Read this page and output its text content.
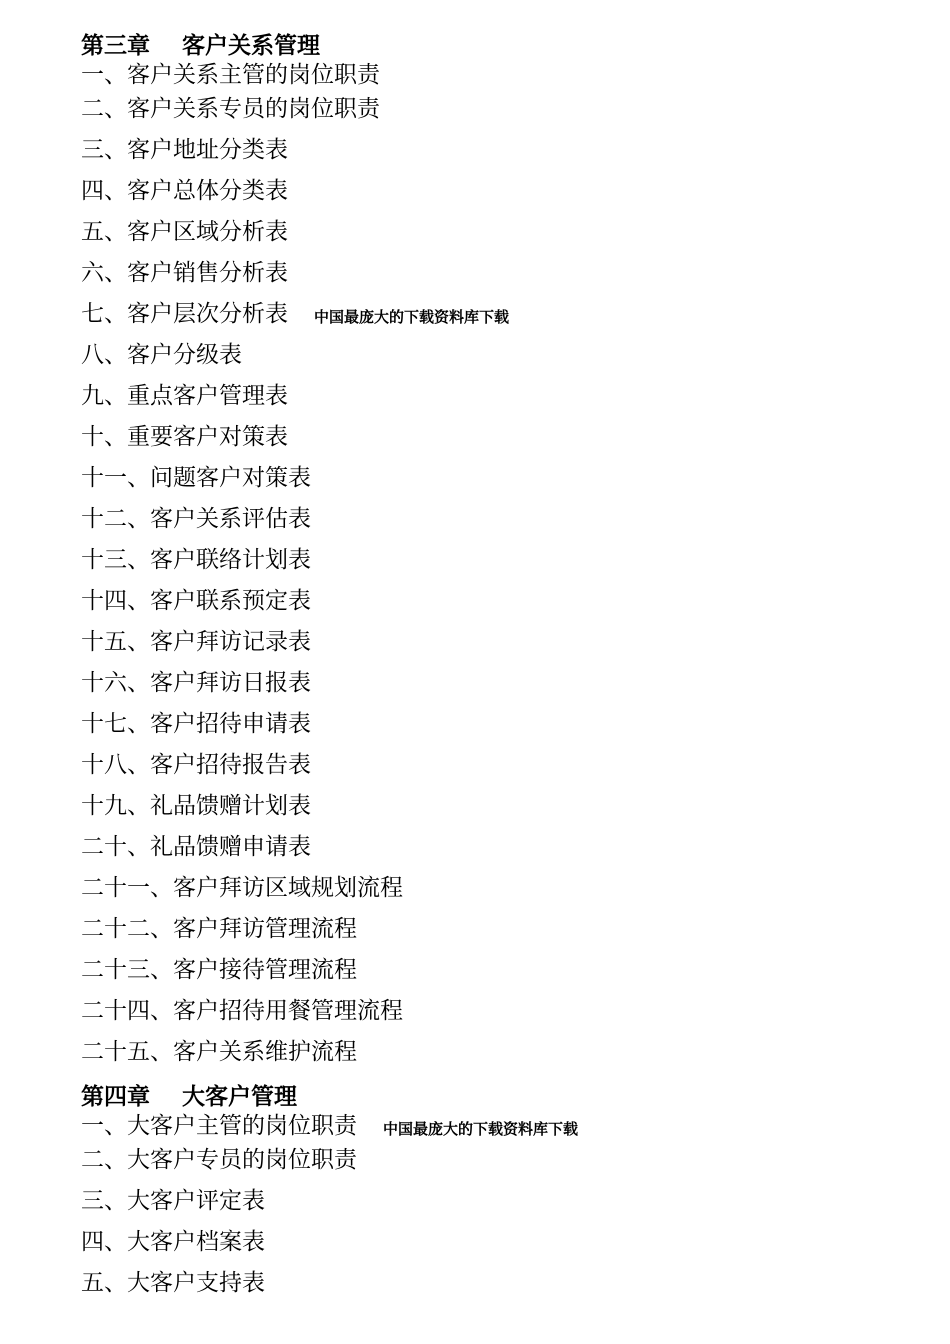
第三章    客户关系管理
一、客户关系主管的岗位职责
二、客户关系专员的岗位职责
三、客户地址分类表
四、客户总体分类表
五、客户区域分析表
六、客户销售分析表
七、客户层次分析表 中国最庞大的下载资料库下载
八、客户分级表
九、重点客户管理表
十、重要客户对策表
十一、问题客户对策表
十二、客户关系评估表
十三、客户联络计划表
十四、客户联系预定表
十五、客户拜访记录表
十六、客户拜访日报表
十七、客户招待申请表
十八、客户招待报告表
十九、礼品馈赠计划表
二十、礼品馈赠申请表
二十一、客户拜访区域规划流程
二十二、客户拜访管理流程
二十三、客户接待管理流程
二十四、客户招待用餐管理流程
二十五、客户关系维护流程
第四章    大客户管理
一、大客户主管的岗位职责 中国最庞大的下载资料库下载
二、大客户专员的岗位职责
三、大客户评定表
四、大客户档案表
五、大客户支持表
